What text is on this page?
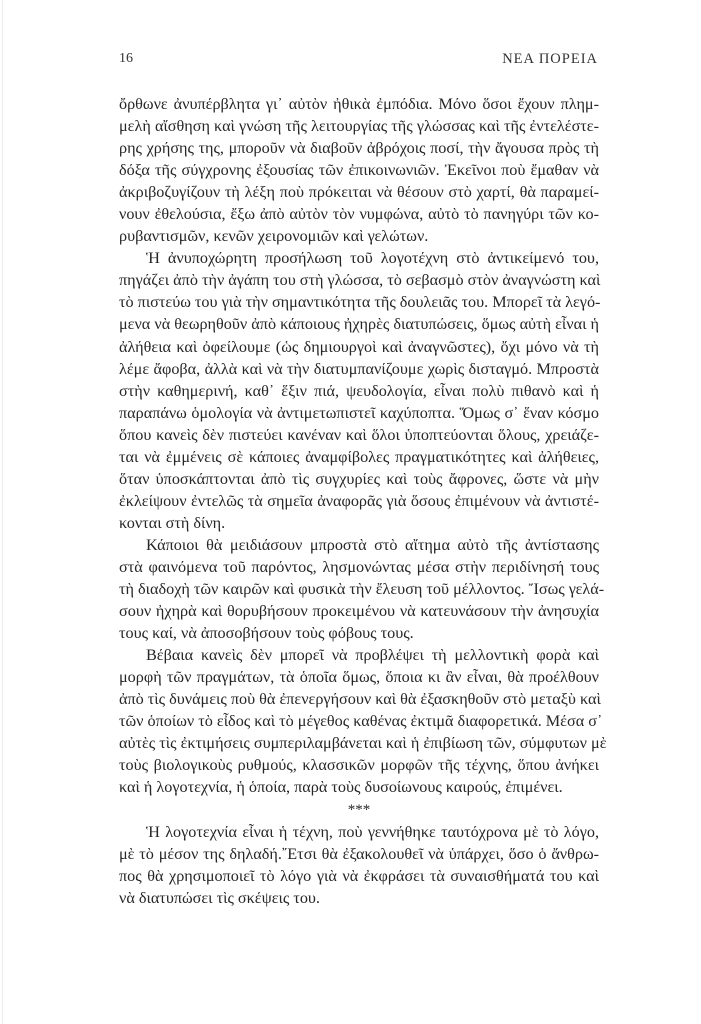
16	ΝΕΑ ΠΟΡΕΙΑ
ὄρθωνε ἀνυπέρβλητα γι᾽ αὐτὸν ἠθικὰ ἐμπόδια. Μόνο ὅσοι ἔχουν πλημ-
μελὴ αἴσθηση καὶ γνώση τῆς λειτουργίας τῆς γλώσσας καὶ τῆς ἐντελέστε-
ρης χρήσης της, μποροῦν νὰ διαβοῦν ἀβρόχοις ποσί, τὴν ἄγουσα πρὸς τὴ
δόξα τῆς σύγχρονης ἐξουσίας τῶν ἐπικοινωνιῶν. Ἐκεῖνοι ποὺ ἔμαθαν νὰ
ἀκριβοζυγίζουν τὴ λέξη ποὺ πρόκειται νὰ θέσουν στὸ χαρτί, θὰ παραμεί-
νουν ἐθελούσια, ἔξω ἀπὸ αὐτὸν τὸν νυμφώνα, αὐτὸ τὸ πανηγύρι τῶν κο-
ρυβαντισμῶν, κενῶν χειρονομιῶν καὶ γελώτων.
Ἡ ἀνυποχώρητη προσήλωση τοῦ λογοτέχνη στὸ ἀντικείμενό του,
πηγάζει ἀπὸ τὴν ἀγάπη του στὴ γλώσσα, τὸ σεβασμὸ στὸν ἀναγνώστη καὶ
τὸ πιστεύω του γιὰ τὴν σημαντικότητα τῆς δουλειᾶς του. Μπορεῖ τὰ λεγό-
μενα νὰ θεωρηθοῦν ἀπὸ κάποιους ἠχηρὲς διατυπώσεις, ὅμως αὐτὴ εἶναι ἡ
ἀλήθεια καὶ ὀφείλουμε (ὡς δημιουργοὶ καὶ ἀναγνῶστες), ὄχι μόνο νὰ τὴ
λέμε ἄφοβα, ἀλλὰ καὶ νὰ τὴν διατυμπανίζουμε χωρὶς δισταγμό. Μπροστὰ
στὴν καθημερινή, καθ᾽ ἕξιν πιά, ψευδολογία, εἶναι πολὺ πιθανὸ καὶ ἡ
παραπάνω ὁμολογία νὰ ἀντιμετωπιστεῖ καχύποπτα. Ὅμως σ᾽ ἕναν κόσμο
ὅπου κανεὶς δὲν πιστεύει κανέναν καὶ ὅλοι ὑποπτεύονται ὅλους, χρειάζε-
ται νὰ ἐμμένεις σὲ κάποιες ἀναμφίβολες πραγματικότητες καὶ ἀλήθειες,
ὅταν ὑποσκάπτονται ἀπὸ τὶς συγχυρίες καὶ τοὺς ἄφρονες, ὥστε νὰ μὴν
ἐκλείψουν ἐντελῶς τὰ σημεῖα ἀναφορᾶς γιὰ ὅσους ἐπιμένουν νὰ ἀντιστέ-
κονται στὴ δίνη.
Κάποιοι θὰ μειδιάσουν μπροστὰ στὸ αἴτημα αὐτὸ τῆς ἀντίστασης
στὰ φαινόμενα τοῦ παρόντος, λησμονώντας μέσα στὴν περιδίνησή τους
τὴ διαδοχὴ τῶν καιρῶν καὶ φυσικὰ τὴν ἔλευση τοῦ μέλλοντος. Ἴσως γελά-
σουν ἠχηρὰ καὶ θορυβήσουν προκειμένου νὰ κατευνάσουν τὴν ἀνησυχία
τους καί, νὰ ἀποσοβήσουν τοὺς φόβους τους.
Βέβαια κανεὶς δὲν μπορεῖ νὰ προβλέψει τὴ μελλοντικὴ φορὰ καὶ
μορφὴ τῶν πραγμάτων, τὰ ὁποῖα ὅμως, ὅποια κι ἂν εἶναι, θὰ προέλθουν
ἀπὸ τὶς δυνάμεις ποὺ θὰ ἐπενεργήσουν καὶ θὰ ἐξασκηθοῦν στὸ μεταξὺ καὶ
τῶν ὁποίων τὸ εἶδος καὶ τὸ μέγεθος καθένας ἐκτιμᾶ διαφορετικά. Μέσα σ᾽
αὐτὲς τὶς ἐκτιμήσεις συμπεριλαμβάνεται καὶ ἡ ἐπιβίωση τῶν, σύμφυτων μὲ
τοὺς βιολογικοὺς ρυθμούς, κλασσικῶν μορφῶν τῆς τέχνης, ὅπου ἀνήκει
καὶ ἡ λογοτεχνία, ἡ ὁποία, παρὰ τοὺς δυσοίωνους καιρούς, ἐπιμένει.
***
Ἡ λογοτεχνία εἶναι ἡ τέχνη, ποὺ γεννήθηκε ταυτόχρονα μὲ τὸ λόγο,
μὲ τὸ μέσον της δηλαδή.῎Ετσι θὰ ἐξακολουθεῖ νὰ ὑπάρχει, ὅσο ὁ ἄνθρω-
πος θὰ χρησιμοποιεῖ τὸ λόγο γιὰ νὰ ἐκφράσει τὰ συναισθήματά του καὶ
νὰ διατυπώσει τὶς σκέψεις του.
